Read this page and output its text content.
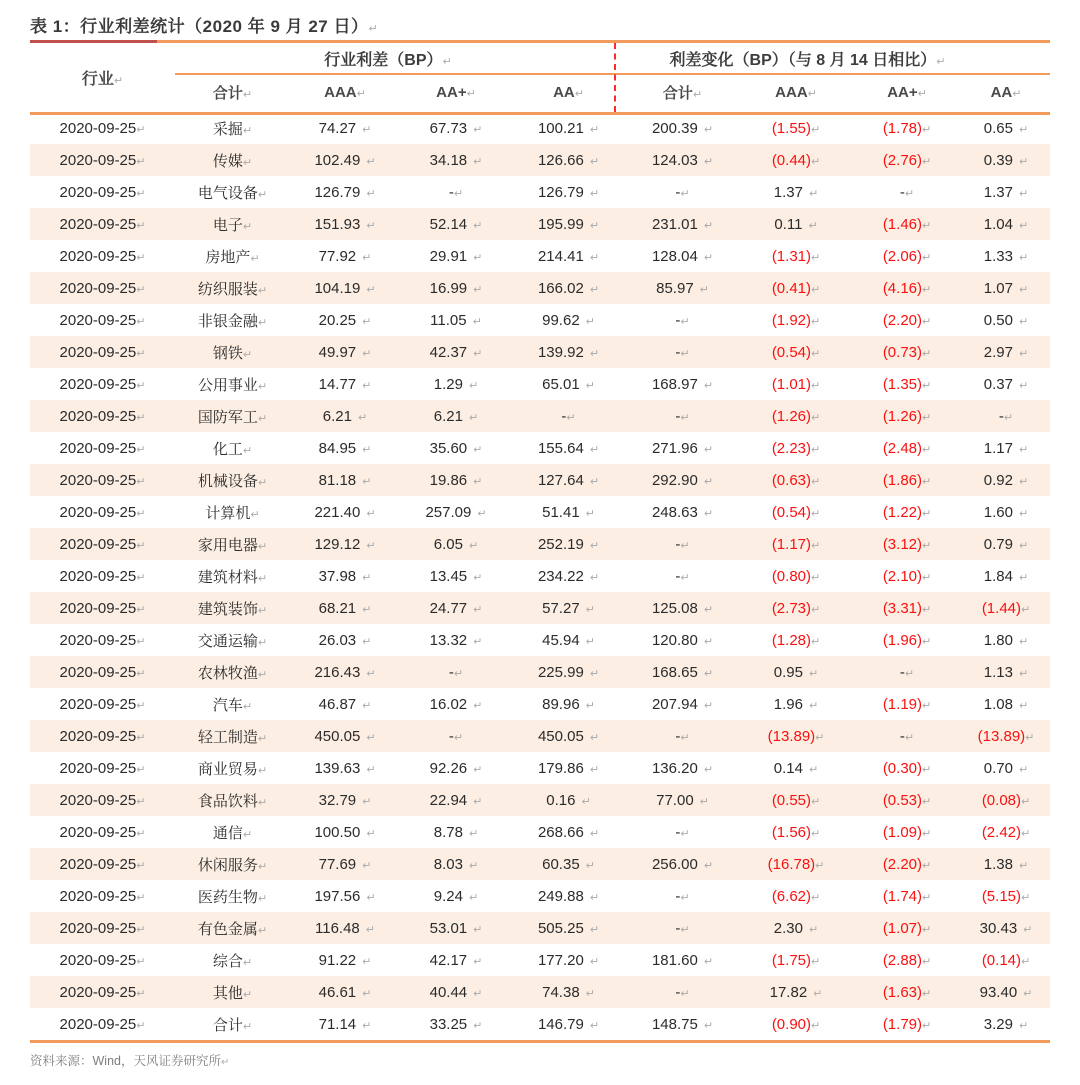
表 1：行业利差统计（2020 年 9 月 27 日）↵
行业↵	行业利差（BP）↵				利差变化（BP）（与 8 月 14 日相比）↵			
	合计↵	AAA↵	AA+↵	AA↵	合计↵	AAA↵	AA+↵	AA↵
2020-09-25↵	采掘↵	74.27 ↵	67.73 ↵	100.21 ↵	200.39 ↵	(1.55)↵	(1.78)↵	0.65 ↵
2020-09-25↵	传媒↵	102.49 ↵	34.18 ↵	126.66 ↵	124.03 ↵	(0.44)↵	(2.76)↵	0.39 ↵
2020-09-25↵	电气设备↵	126.79 ↵	-↵	126.79 ↵	-↵	1.37 ↵	-↵	1.37 ↵
2020-09-25↵	电子↵	151.93 ↵	52.14 ↵	195.99 ↵	231.01 ↵	0.11 ↵	(1.46)↵	1.04 ↵
2020-09-25↵	房地产↵	77.92 ↵	29.91 ↵	214.41 ↵	128.04 ↵	(1.31)↵	(2.06)↵	1.33 ↵
2020-09-25↵	纺织服装↵	104.19 ↵	16.99 ↵	166.02 ↵	85.97 ↵	(0.41)↵	(4.16)↵	1.07 ↵
2020-09-25↵	非银金融↵	20.25 ↵	11.05 ↵	99.62 ↵	-↵	(1.92)↵	(2.20)↵	0.50 ↵
2020-09-25↵	钢铁↵	49.97 ↵	42.37 ↵	139.92 ↵	-↵	(0.54)↵	(0.73)↵	2.97 ↵
2020-09-25↵	公用事业↵	14.77 ↵	1.29 ↵	65.01 ↵	168.97 ↵	(1.01)↵	(1.35)↵	0.37 ↵
2020-09-25↵	国防军工↵	6.21 ↵	6.21 ↵	-↵	-↵	(1.26)↵	(1.26)↵	-↵
2020-09-25↵	化工↵	84.95 ↵	35.60 ↵	155.64 ↵	271.96 ↵	(2.23)↵	(2.48)↵	1.17 ↵
2020-09-25↵	机械设备↵	81.18 ↵	19.86 ↵	127.64 ↵	292.90 ↵	(0.63)↵	(1.86)↵	0.92 ↵
2020-09-25↵	计算机↵	221.40 ↵	257.09 ↵	51.41 ↵	248.63 ↵	(0.54)↵	(1.22)↵	1.60 ↵
2020-09-25↵	家用电器↵	129.12 ↵	6.05 ↵	252.19 ↵	-↵	(1.17)↵	(3.12)↵	0.79 ↵
2020-09-25↵	建筑材料↵	37.98 ↵	13.45 ↵	234.22 ↵	-↵	(0.80)↵	(2.10)↵	1.84 ↵
2020-09-25↵	建筑装饰↵	68.21 ↵	24.77 ↵	57.27 ↵	125.08 ↵	(2.73)↵	(3.31)↵	(1.44)↵
2020-09-25↵	交通运输↵	26.03 ↵	13.32 ↵	45.94 ↵	120.80 ↵	(1.28)↵	(1.96)↵	1.80 ↵
2020-09-25↵	农林牧渔↵	216.43 ↵	-↵	225.99 ↵	168.65 ↵	0.95 ↵	-↵	1.13 ↵
2020-09-25↵	汽车↵	46.87 ↵	16.02 ↵	89.96 ↵	207.94 ↵	1.96 ↵	(1.19)↵	1.08 ↵
2020-09-25↵	轻工制造↵	450.05 ↵	-↵	450.05 ↵	-↵	(13.89)↵	-↵	(13.89)↵
2020-09-25↵	商业贸易↵	139.63 ↵	92.26 ↵	179.86 ↵	136.20 ↵	0.14 ↵	(0.30)↵	0.70 ↵
2020-09-25↵	食品饮料↵	32.79 ↵	22.94 ↵	0.16 ↵	77.00 ↵	(0.55)↵	(0.53)↵	(0.08)↵
2020-09-25↵	通信↵	100.50 ↵	8.78 ↵	268.66 ↵	-↵	(1.56)↵	(1.09)↵	(2.42)↵
2020-09-25↵	休闲服务↵	77.69 ↵	8.03 ↵	60.35 ↵	256.00 ↵	(16.78)↵	(2.20)↵	1.38 ↵
2020-09-25↵	医药生物↵	197.56 ↵	9.24 ↵	249.88 ↵	-↵	(6.62)↵	(1.74)↵	(5.15)↵
2020-09-25↵	有色金属↵	116.48 ↵	53.01 ↵	505.25 ↵	-↵	2.30 ↵	(1.07)↵	30.43 ↵
2020-09-25↵	综合↵	91.22 ↵	42.17 ↵	177.20 ↵	181.60 ↵	(1.75)↵	(2.88)↵	(0.14)↵
2020-09-25↵	其他↵	46.61 ↵	40.44 ↵	74.38 ↵	-↵	17.82 ↵	(1.63)↵	93.40 ↵
2020-09-25↵	合计↵	71.14 ↵	33.25 ↵	146.79 ↵	148.75 ↵	(0.90)↵	(1.79)↵	3.29 ↵
资料来源：Wind，天风证券研究所↵
